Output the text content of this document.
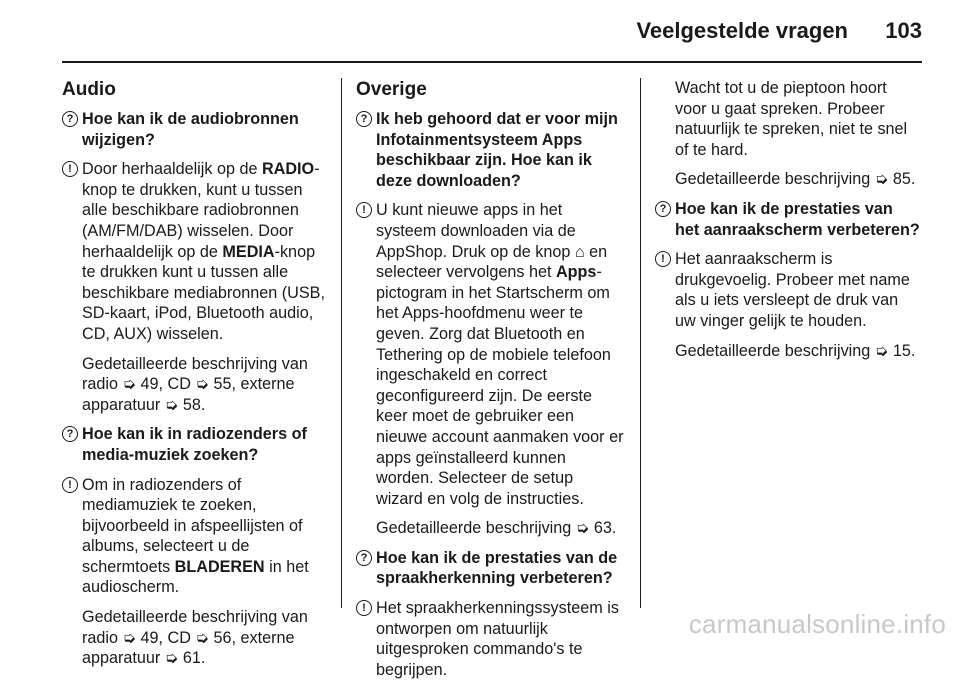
Veelgestelde vragen 103
Audio
? Hoe kan ik de audiobronnen wijzigen?
! Door herhaaldelijk op de RADIO-knop te drukken, kunt u tussen alle beschikbare radiobronnen (AM/FM/DAB) wisselen. Door herhaaldelijk op de MEDIA-knop te drukken kunt u tussen alle beschikbare mediabronnen (USB, SD-kaart, iPod, Bluetooth audio, CD, AUX) wisselen.
Gedetailleerde beschrijving van radio ➭ 49, CD ➭ 55, externe apparatuur ➭ 58.
? Hoe kan ik in radiozenders of media-muziek zoeken?
! Om in radiozenders of mediamuziek te zoeken, bijvoorbeeld in afspeellijsten of albums, selecteert u de schermtoets BLADEREN in het audioscherm.
Gedetailleerde beschrijving van radio ➭ 49, CD ➭ 56, externe apparatuur ➭ 61.
Overige
? Ik heb gehoord dat er voor mijn Infotainmentsysteem Apps beschikbaar zijn. Hoe kan ik deze downloaden?
! U kunt nieuwe apps in het systeem downloaden via de AppShop. Druk op de knop ⌂ en selecteer vervolgens het Apps-pictogram in het Startscherm om het Apps-hoofdmenu weer te geven. Zorg dat Bluetooth en Tethering op de mobiele telefoon ingeschakeld en correct geconfigureerd zijn. De eerste keer moet de gebruiker een nieuwe account aanmaken voor er apps geïnstalleerd kunnen worden. Selecteer de setup wizard en volg de instructies.
Gedetailleerde beschrijving ➭ 63.
? Hoe kan ik de prestaties van de spraakherkenning verbeteren?
! Het spraakherkenningssysteem is ontworpen om natuurlijk uitgesproken commando's te begrijpen.
Wacht tot u de pieptoon hoort voor u gaat spreken. Probeer natuurlijk te spreken, niet te snel of te hard.
Gedetailleerde beschrijving ➭ 85.
? Hoe kan ik de prestaties van het aanraakscherm verbeteren?
! Het aanraakscherm is drukgevoelig. Probeer met name als u iets versleept de druk van uw vinger gelijk te houden.
Gedetailleerde beschrijving ➭ 15.
carmanualsonline.info
